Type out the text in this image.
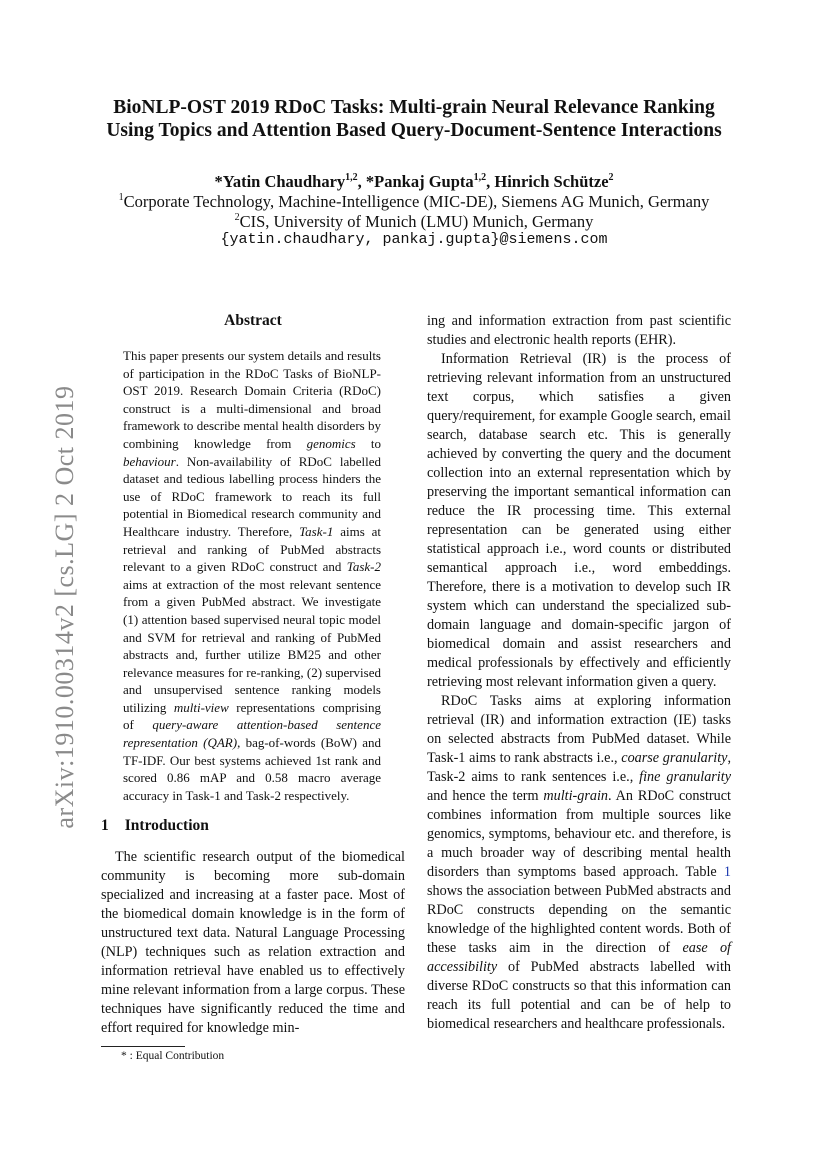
arXiv:1910.00314v2 [cs.LG] 2 Oct 2019
BioNLP-OST 2019 RDoC Tasks: Multi-grain Neural Relevance Ranking
Using Topics and Attention Based Query-Document-Sentence Interactions
*Yatin Chaudhary$^{1,2}$, *Pankaj Gupta$^{1,2}$, Hinrich Schütze$^2$
$^1$Corporate Technology, Machine-Intelligence (MIC-DE), Siemens AG Munich, Germany
$^2$CIS, University of Munich (LMU) Munich, Germany
{yatin.chaudhary, pankaj.gupta}@siemens.com
Abstract
This paper presents our system details and results of participation in the RDoC Tasks of BioNLP-OST 2019. Research Domain Criteria (RDoC) construct is a multi-dimensional and broad framework to describe mental health disorders by combining knowledge from genomics to behaviour. Non-availability of RDoC labelled dataset and tedious labelling process hinders the use of RDoC framework to reach its full potential in Biomedical research community and Healthcare industry. Therefore, Task-1 aims at retrieval and ranking of PubMed abstracts relevant to a given RDoC construct and Task-2 aims at extraction of the most relevant sentence from a given PubMed abstract. We investigate (1) attention based supervised neural topic model and SVM for retrieval and ranking of PubMed abstracts and, further utilize BM25 and other relevance measures for re-ranking, (2) supervised and unsupervised sentence ranking models utilizing multi-view representations comprising of query-aware attention-based sentence representation (QAR), bag-of-words (BoW) and TF-IDF. Our best systems achieved 1st rank and scored 0.86 mAP and 0.58 macro average accuracy in Task-1 and Task-2 respectively.
1 Introduction

The scientific research output of the biomedical community is becoming more sub-domain specialized and increasing at a faster pace. Most of the biomedical domain knowledge is in the form of unstructured text data. Natural Language Processing (NLP) techniques such as relation extraction and information retrieval have enabled us to effectively mine relevant information from a large corpus. These techniques have significantly reduced the time and effort required for knowledge min-

ing and information extraction from past scientific studies and electronic health reports (EHR).

Information Retrieval (IR) is the process of retrieving relevant information from an unstructured text corpus, which satisfies a given query/requirement, for example Google search, email search, database search etc. This is generally achieved by converting the query and the document collection into an external representation which by preserving the important semantical information can reduce the IR processing time. This external representation can be generated using either statistical approach i.e., word counts or distributed semantical approach i.e., word embeddings. Therefore, there is a motivation to develop such IR system which can understand the specialized sub-domain language and domain-specific jargon of biomedical domain and assist researchers and medical professionals by effectively and efficiently retrieving most relevant information given a query.

RDoC Tasks aims at exploring information retrieval (IR) and information extraction (IE) tasks on selected abstracts from PubMed dataset. While Task-1 aims to rank abstracts i.e., coarse granularity, Task-2 aims to rank sentences i.e., fine granularity and hence the term multi-grain. An RDoC construct combines information from multiple sources like genomics, symptoms, behaviour etc. and therefore, is a much broader way of describing mental health disorders than symptoms based approach. Table 1 shows the association between PubMed abstracts and RDoC constructs depending on the semantic knowledge of the highlighted content words. Both of these tasks aim in the direction of ease of accessibility of PubMed abstracts labelled with diverse RDoC constructs so that this information can reach its full potential and can be of help to biomedical researchers and healthcare professionals.

* : Equal Contribution
